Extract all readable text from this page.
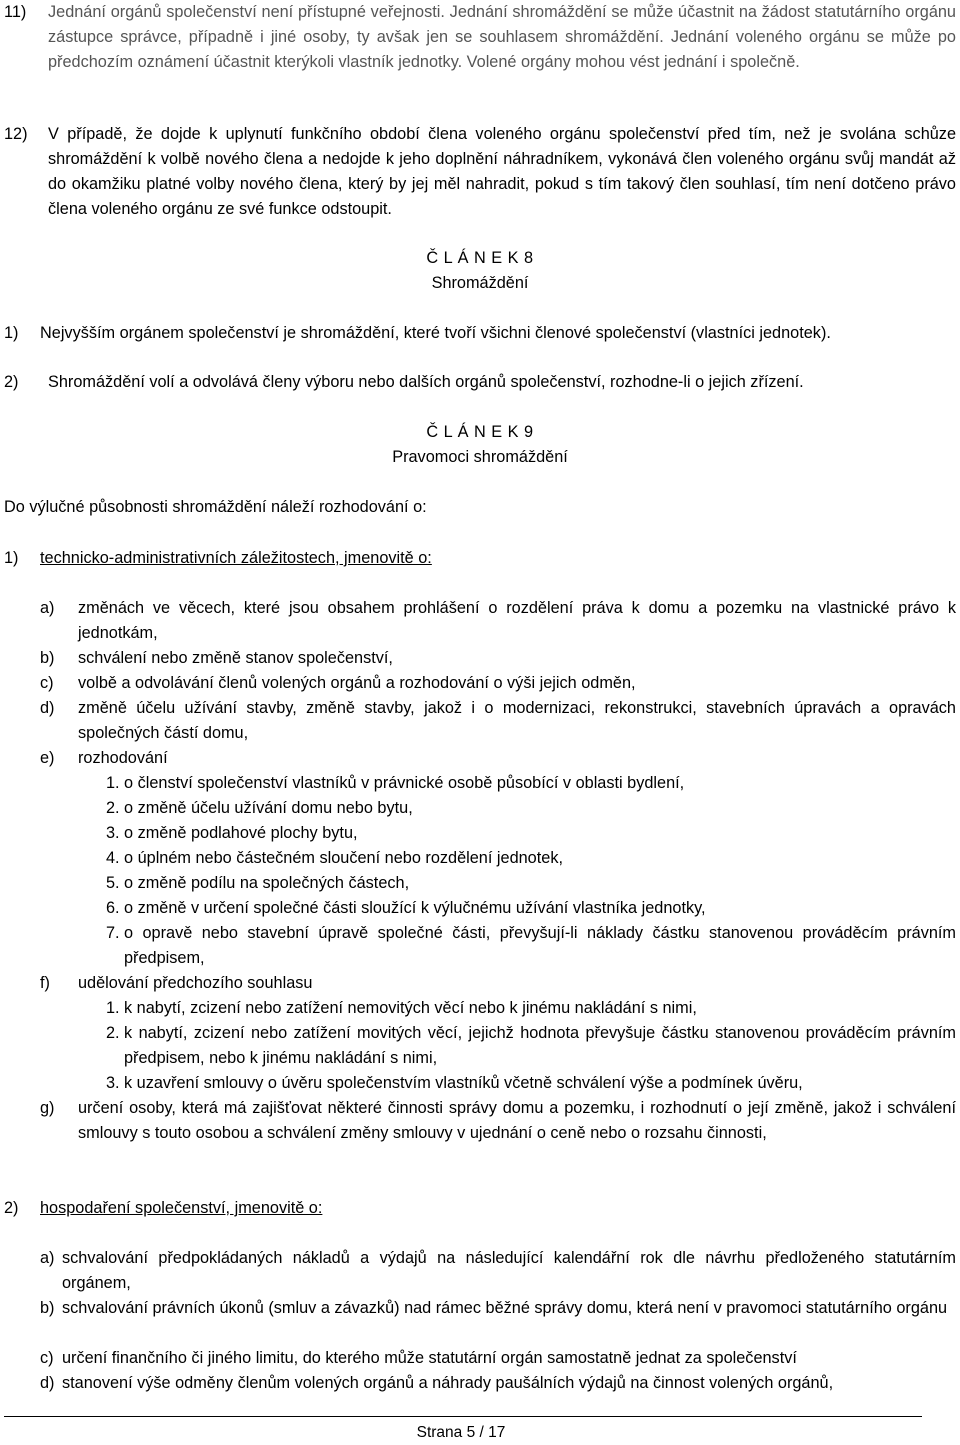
11) Jednání orgánů společenství není přístupné veřejnosti. Jednání shromáždění se může účastnit na žádost statutárního orgánu zástupce správce, případně i jiné osoby, ty avšak jen se souhlasem shromáždění. Jednání voleného orgánu se může po předchozím oznámení účastnit kterýkoli vlastník jednotky. Volené orgány mohou vést jednání i společně.
12) V případě, že dojde k uplynutí funkčního období člena voleného orgánu společenství před tím, než je svolána schůze shromáždění k volbě nového člena a nedojde k jeho doplnění náhradníkem, vykonává člen voleného orgánu svůj mandát až do okamžiku platné volby nového člena, který by jej měl nahradit, pokud s tím takový člen souhlasí, tím není dotčeno právo člena voleného orgánu ze své funkce odstoupit.
Č L Á N E K 8
Shromáždění
1) Nejvyšším orgánem společenství je shromáždění, které tvoří všichni členové společenství (vlastníci jednotek).
2) Shromáždění volí a odvolává členy výboru nebo dalších orgánů společenství, rozhodne-li o jejich zřízení.
Č L Á N E K 9
Pravomoci shromáždění
Do výlučné působnosti shromáždění náleží rozhodování o:
1) technicko-administrativních záležitostech, jmenovitě o:
a) změnách ve věcech, které jsou obsahem prohlášení o rozdělení práva k domu a pozemku na vlastnické právo k jednotkám,
b) schválení nebo změně stanov společenství,
c) volbě a odvolávání členů volených orgánů a rozhodování o výši jejich odměn,
d) změně účelu užívání stavby, změně stavby, jakož i o modernizaci, rekonstrukci, stavebních úpravách a opravách společných částí domu,
e) rozhodování
1. o členství společenství vlastníků v právnické osobě působící v oblasti bydlení,
2. o změně účelu užívání domu nebo bytu,
3. o změně podlahové plochy bytu,
4. o úplném nebo částečném sloučení nebo rozdělení jednotek,
5. o změně podílu na společných částech,
6. o změně v určení společné části sloužící k výlučnému užívání vlastníka jednotky,
7. o opravě nebo stavební úpravě společné části, převyšují-li náklady částku stanovenou prováděcím právním předpisem,
f) udělování předchozího souhlasu
1. k nabytí, zcizení nebo zatížení nemovitých věcí nebo k jinému nakládání s nimi,
2. k nabytí, zcizení nebo zatížení movitých věcí, jejichž hodnota převyšuje částku stanovenou prováděcím právním předpisem, nebo k jinému nakládání s nimi,
3. k uzavření smlouvy o úvěru společenstvím vlastníků včetně schválení výše a podmínek úvěru,
g) určení osoby, která má zajišťovat některé činnosti správy domu a pozemku, i rozhodnutí o její změně, jakož i schválení smlouvy s touto osobou a schválení změny smlouvy v ujednání o ceně nebo o rozsahu činnosti,
2) hospodaření společenství, jmenovitě o:
a) schvalování předpokládaných nákladů a výdajů na následující kalendářní rok dle návrhu předloženého statutárním orgánem,
b) schvalování právních úkonů (smluv a závazků) nad rámec běžné správy domu, která není v pravomoci statutárního orgánu
c) určení finančního či jiného limitu, do kterého může statutární orgán samostatně jednat za společenství
d) stanovení výše odměny členům volených orgánů a náhrady paušálních výdajů na činnost volených orgánů,
Strana 5 / 17
